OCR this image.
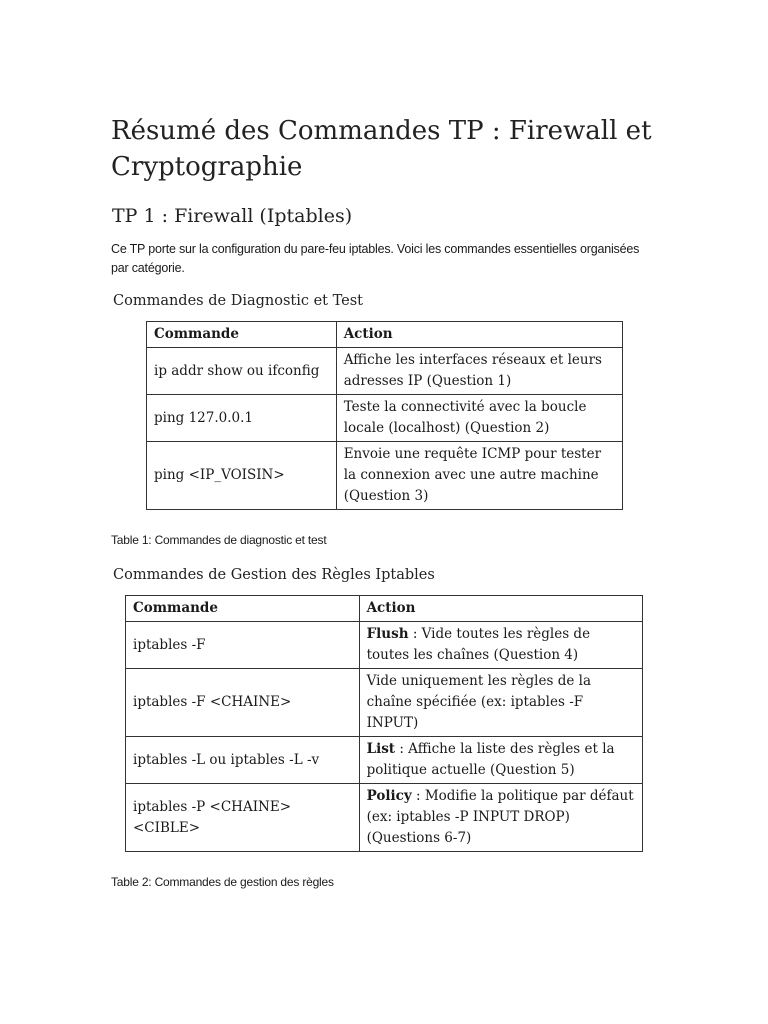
Résumé des Commandes TP : Firewall et Cryptographie
TP 1 : Firewall (Iptables)

Ce TP porte sur la configuration du pare-feu iptables. Voici les commandes essentielles organisées par catégorie.

Commandes de Diagnostic et Test
Commande	Action
ip addr show ou ifconfig	Affiche les interfaces réseaux et leurs adresses IP (Question 1)
ping 127.0.0.1	Teste la connectivité avec la boucle locale (localhost) (Question 2)
ping <IP_VOISIN>	Envoie une requête ICMP pour tester la connexion avec une autre machine (Question 3)

Table 1: Commandes de diagnostic et test

Commandes de Gestion des Règles Iptables
Commande	Action
iptables -F	Flush : Vide toutes les règles de toutes les chaînes (Question 4)
iptables -F <CHAINE>	Vide uniquement les règles de la chaîne spécifiée (ex: iptables -F INPUT)
iptables -L ou iptables -L -v	List : Affiche la liste des règles et la politique actuelle (Question 5)
iptables -P <CHAINE> <CIBLE>	Policy : Modifie la politique par défaut (ex: iptables -P INPUT DROP) (Questions 6-7)

Table 2: Commandes de gestion des règles
